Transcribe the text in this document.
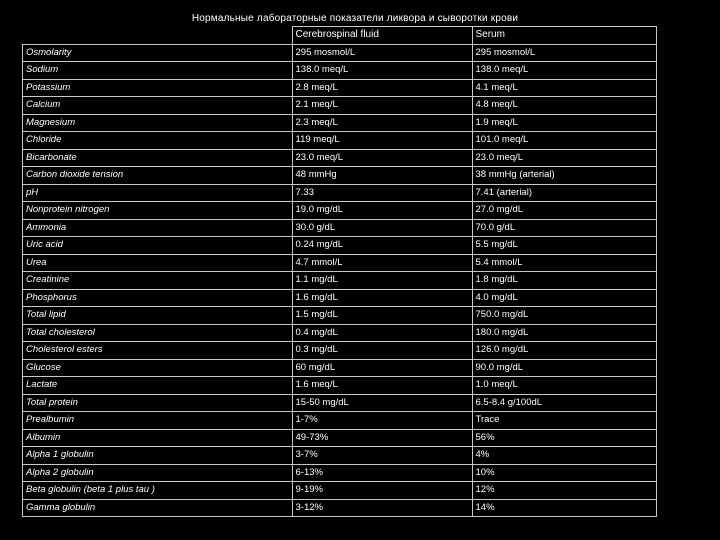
Нормальные лабораторные показатели ликвора и сыворотки крови
	Cerebrospinal fluid	Serum
Osmolarity	295 mosmol/L	295 mosmol/L
Sodium	138.0 meq/L	138.0 meq/L
Potassium	2.8 meq/L	4.1 meq/L
Calcium	2.1 meq/L	4.8 meq/L
Magnesium	2.3 meq/L	1.9 meq/L
Chloride	119 meq/L	101.0 meq/L
Bicarbonate	23.0 meq/L	23.0 meq/L
Carbon dioxide tension	48 mmHg	38 mmHg (arterial)
pH	7.33	7.41 (arterial)
Nonprotein nitrogen	19.0 mg/dL	27.0 mg/dL
Ammonia	30.0 g/dL	70.0 g/dL
Uric acid	0.24 mg/dL	5.5 mg/dL
Urea	4.7 mmol/L	5.4 mmol/L
Creatinine	1.1 mg/dL	1.8 mg/dL
Phosphorus	1.6 mg/dL	4.0 mg/dL
Total lipid	1.5 mg/dL	750.0 mg/dL
Total cholesterol	0.4 mg/dL	180.0 mg/dL
Cholesterol esters	0.3 mg/dL	126.0 mg/dL
Glucose	60 mg/dL	90.0 mg/dL
Lactate	1.6 meq/L	1.0 meq/L
Total protein	15-50 mg/dL	6.5-8.4 g/100dL
Prealbumin	1-7%	Trace
Albumin	49-73%	56%
Alpha 1 globulin	3-7%	4%
Alpha 2 globulin	6-13%	10%
Beta globulin (beta 1 plus tau )	9-19%	12%
Gamma globulin	3-12%	14%
